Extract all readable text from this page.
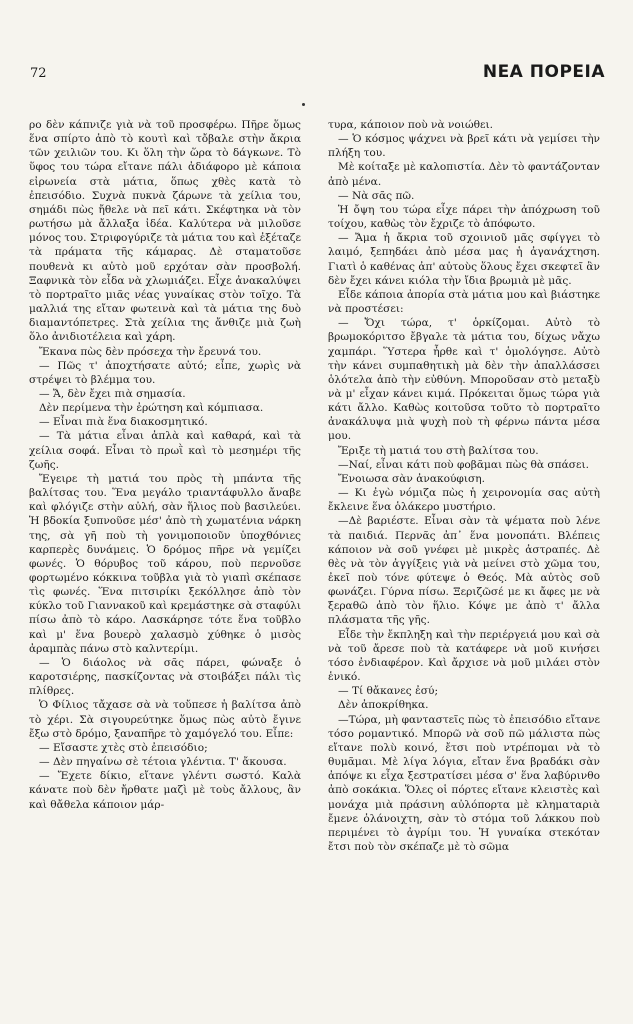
72	ΝΕΑ ΠΟΡΕΙΑ

ρο δὲν κάπνιζε γιὰ νὰ τοῦ προσφέρω. Πῆρε ὅμως ἕνα σπίρτο ἀπὸ τὸ κουτὶ καὶ τὄβαλε στὴν ἄκρια τῶν χειλιῶν του. Κι ὅλη τὴν ὥρα τὸ δάγκωνε. Τὸ ὕφος του τώρα εἴτανε πάλι ἀδιάφορο μὲ κάποια εἰρωνεία στὰ μάτια, ὅπως χθὲς κατὰ τὸ ἐπεισόδιο. Συχνὰ πυκνὰ ζάρωνε τὰ χείλια του, σημάδι πὼς ἤθελε νὰ πεῖ κάτι. Σκέφτηκα νὰ τὸν ρωτήσω μὰ ἄλλαξα ἰδέα. Καλύτερα νὰ μιλοῦσε μόνος του. Στριφογύριζε τὰ μάτια του καὶ ἐξέταζε τὰ πράματα τῆς κάμαρας. Δὲ σταματοῦσε πουθενὰ κι αὐτὸ μοῦ ερχόταν σὰν προσβολή. Ξαφνικὰ τὸν εἶδα νὰ χλωμιάζει. Εἶχε ἀνακαλύψει τὸ πορτραῖτο μιᾶς νέας γυναίκας στὸν τοῖχο. Τὰ μαλλιά της εἴταν φωτεινὰ καὶ τὰ μάτια της δυὸ διαμαντόπετρες. Στὰ χείλια της ἄνθιζε μιὰ ζωὴ ὅλο ἀνιδιοτέλεια καὶ χάρη.

Ἔκανα πὼς δὲν πρόσεχα τὴν ἔρευνά του.

— Πῶς τ' ἀποχτήσατε αὐτό; εἶπε, χωρὶς νὰ στρέψει τὸ βλέμμα του.

— Ἄ, δὲν ἔχει πιὰ σημασία.

Δὲν περίμενα τὴν ἐρώτηση καὶ κόμπιασα.

— Εἶναι πιὰ ἕνα διακοσμητικό.

— Τὰ μάτια εἶναι ἁπλὰ καὶ καθαρά, καὶ τὰ χείλια σοφά. Εἶναι τὸ πρωῒ καὶ τὸ μεσημέρι τῆς ζωῆς.

Ἔγειρε τὴ ματιά του πρὸς τὴ μπάντα τῆς βαλίτσας του. Ἕνα μεγάλο τριαντάφυλλο ἄναβε καὶ φλόγιζε στὴν αὐλή, σὰν ἥλιος ποὺ βασιλεύει. Ἡ βδοκία ξυπνοῦσε μέσ' ἀπὸ τὴ χωματένια νάρκη της, σὰ γῆ ποὺ τὴ γονιμοποιοῦν ὑποχθόνιες καρπερὲς δυνάμεις. Ὁ δρόμος πῆρε νὰ γεμίζει φωνές. Ὁ θόρυβος τοῦ κάρου, ποὺ περνοῦσε φορτωμένο κόκκινα τοῦβλα γιὰ τὸ γιαπὶ σκέπασε τὶς φωνές. Ἕνα πιτσιρίκι ξεκόλλησε ἀπὸ τὸν κύκλο τοῦ Γιαννακοῦ καὶ κρεμάστηκε σὰ σταφύλι πίσω ἀπὸ τὸ κάρο. Λασκάρησε τότε ἕνα τοῦβλο καὶ μ' ἕνα βουερὸ χαλασμὸ χύθηκε ὁ μισὸς ἀραμπὰς πάνω στὸ καλντερίμι.

— Ὁ διάολος νὰ σᾶς πάρει, φώναξε ὁ καροτσιέρης, πασκίζοντας νὰ στοιβάξει πάλι τὶς πλίθρες.

Ὁ Φίλιος τἄχασε σὰ νὰ τοὔπεσε ἡ βαλίτσα ἀπὸ τὸ χέρι. Σὰ σιγουρεύτηκε ὅμως πὼς αὐτὸ ἔγινε ἔξω στὸ δρόμο, ξαναπῆρε τὸ χαμόγελό του. Εἶπε:

— Εἴσαστε χτὲς στὸ ἐπεισόδιο;

— Δὲν πηγαίνω σὲ τέτοια γλέντια. Τ' ἄκουσα.

— Ἔχετε δίκιο, εἴτανε γλέντι σωστό. Καλὰ κάνατε ποὺ δὲν ἤρθατε μαζὶ μὲ τοὺς ἄλλους, ἂν καὶ θἄθελα κάποιον μάρ-

τυρα, κάποιον ποὺ νὰ νοιώθει.

— Ὁ κόσμος ψάχνει νὰ βρεῖ κάτι νὰ γεμίσει τὴν πλήξη του.

Μὲ κοίταξε μὲ καλοπιστία. Δὲν τὸ φαντάζονταν ἀπὸ μένα.

— Νὰ σᾶς πῶ.

Ἡ ὄψη του τώρα εἶχε πάρει τὴν ἀπόχρωση τοῦ τοίχου, καθὼς τὸν ἔχριζε τὸ ἀπόφωτο.

— Ἄμα ἡ ἄκρια τοῦ σχοινιοῦ μᾶς σφίγγει τὸ λαιμό, ξεπηδάει ἀπὸ μέσα μας ἡ ἀγανάχτηση. Γιατὶ ὁ καθένας ἀπ' αὐτοὺς ὅλους ἔχει σκεφτεῖ ἂν δὲν ἔχει κάνει κιόλα τὴν ἴδια βρωμιὰ μὲ μᾶς.

Εἶδε κάποια ἀπορία στὰ μάτια μου καὶ βιάστηκε νὰ προστέσει:

— Ὄχι τώρα, τ' ὁρκίζομαι. Αὐτὸ τὸ βρωμοκόριτσο ἔβγαλε τὰ μάτια του, δίχως νἄχω χαμπάρι. Ὕστερα ἦρθε καὶ τ' ὁμολόγησε. Αὐτὸ τὴν κάνει συμπαθητικὴ μὰ δὲν τὴν ἀπαλλάσσει ὁλότελα ἀπὸ τὴν εὐθύνη. Μποροῦσαν στὸ μεταξὺ νὰ μ' εἶχαν κάνει κιμά. Πρόκειται ὅμως τώρα γιὰ κάτι ἄλλο. Καθὼς κοιτοῦσα τοῦτο τὸ πορτραῖτο ἀνακάλυψα μιὰ ψυχὴ ποὺ τὴ φέρνω πάντα μέσα μου.

Ἔριξε τὴ ματιά του στὴ βαλίτσα του.

—Ναί, εἶναι κάτι ποὺ φοβᾶμαι πὼς θὰ σπάσει.

Ἔνοιωσα σὰν ἀνακούφιση.

— Κι ἐγὼ νόμιζα πὼς ἡ χειρονομία σας αὐτὴ ἔκλεινε ἕνα ὁλάκερο μυστήριο.

—Δὲ βαριέστε. Εἶναι σὰν τὰ ψέματα ποὺ λένε τὰ παιδιά. Περνᾶς ἀπ᾽ ἕνα μονοπάτι. Βλέπεις κάποιον νὰ σοῦ γνέφει μὲ μικρὲς ἀστραπές. Δὲ θὲς νὰ τὸν ἀγγίξεις γιὰ νὰ μείνει στὸ χῶμα του, ἐκεῖ ποὺ τόνε φύτεψε ὁ Θεός. Μὰ αὐτὸς σοῦ φωνάζει. Γύρνα πίσω. Ξεριζῶσέ με κι ἄφες με νὰ ξεραθῶ ἀπὸ τὸν ἥλιο. Κόψε με ἀπὸ τ' ἄλλα πλάσματα τῆς γῆς.

Εἶδε τὴν ἔκπληξη καὶ τὴν περιέργειά μου καὶ σὰ νὰ τοῦ ἄρεσε ποὺ τὰ κατάφερε νὰ μοῦ κινήσει τόσο ἐνδιαφέρον. Καὶ ἄρχισε νὰ μοῦ μιλάει στὸν ἑνικό.

— Τί θἄκανες ἐσύ;

Δὲν ἀποκρίθηκα.

—Τώρα, μὴ φανταστεῖς πὼς τὸ ἐπεισόδιο εἴτανε τόσο ρομαντικό. Μπορῶ νὰ σοῦ πῶ μάλιστα πὼς εἴτανε πολὺ κοινό, ἔτσι ποὺ ντρέπομαι νὰ τὸ θυμᾶμαι. Μὲ λίγα λόγια, εἴταν ἕνα βραδάκι σὰν ἀπόψε κι εἶχα ξεστρατίσει μέσα σ' ἕνα λαβύρινθο ἀπὸ σοκάκια. Ὅλες οἱ πόρτες εἴτανε κλειστὲς καὶ μονάχα μιὰ πράσινη αὐλόπορτα μὲ κληματαριὰ ἔμενε ὁλάνοιχτη, σὰν τὸ στόμα τοῦ λάκκου ποὺ περιμένει τὸ ἀγρίμι του. Ἡ γυναίκα στεκόταν ἔτσι ποὺ τὸν σκέπαζε μὲ τὸ σῶμα
